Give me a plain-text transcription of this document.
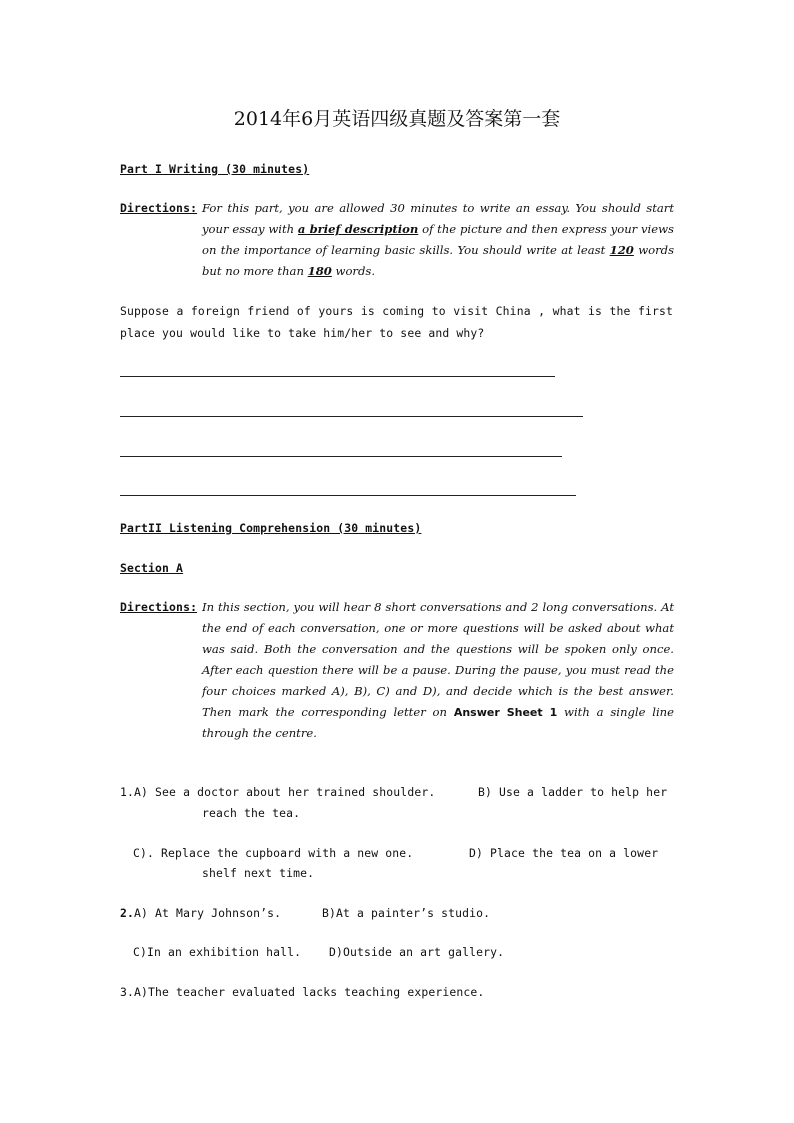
2014年6月英语四级真题及答案第一套
Part I Writing (30 minutes)
Directions: For this part, you are allowed 30 minutes to write an essay. You should start your essay with a brief description of the picture and then express your views on the importance of learning basic skills. You should write at least 120 words but no more than 180 words.
Suppose a foreign friend of yours is coming to visit China , what is the first place you would like to take him/her to see and why?
PartII Listening Comprehension (30 minutes)
Section A
Directions: In this section, you will hear 8 short conversations and 2 long conversations. At the end of each conversation, one or more questions will be asked about what was said. Both the conversation and the questions will be spoken only once. After each question there will be a pause. During the pause, you must read the four choices marked A), B), C) and D), and decide which is the best answer. Then mark the corresponding letter on Answer Sheet 1 with a single line through the centre.
1.A) See a doctor about her trained shoulder.	B) Use a ladder to help her
reach the tea.
C). Replace the cupboard with a new one.	D) Place the tea on a lower
shelf next time.
2.A) At Mary Johnson’s.	B)At a painter’s studio.
C)In an exhibition hall. D)Outside an art gallery.
3.A)The teacher evaluated lacks teaching experience.
